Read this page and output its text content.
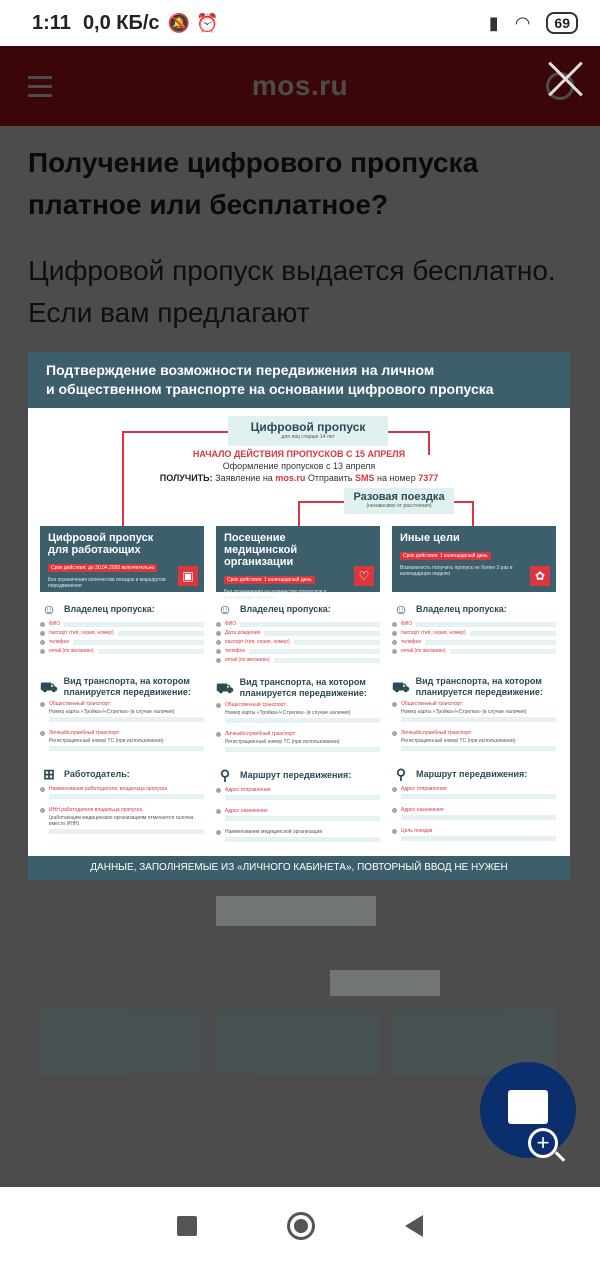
1:11 0,0 КБ/с 🔕 ⏰	▮ ◠	69

Подтверждение возможности передвижения на личном
и общественном транспорте на основании цифрового пропуска
Цифровой пропуск
для лиц старше 14 лет
НАЧАЛО ДЕЙСТВИЯ ПРОПУСКОВ С 15 АПРЕЛЯ
Оформление пропусков с 13 апреля
ПОЛУЧИТЬ: Заявление на mos.ru Отправить SMS на номер 7377
Разовая поездка
(независимо от расстояния)
Цифровой пропуск для работающих
Срок действия: до 30.04.2020 включительно
Без ограничения количества поездок и маршрутов передвижения
▣
☺ Владелец пропуска:
ФИО
паспорт (тип, серия, номер)
телефон
email (по желанию)
⛟ Вид транспорта, на котором планируется передвижение:
Общественный транспорт:
Номер карты «Тройка»/«Стрелка» (в случае наличия)
Личный/служебный транспорт:
Регистрационный номер ТС (при использовании)
⊞	Работодатель:
Наименование работодателя, владельца пропуска
ИНН работодателя владельца пропуска
(работающим медицинских организациям отмечается галочка вместо ИНН)
Посещение медицинской организации
Срок действия: 1 календарный день
Без ограничения на количество пропусков в календарную неделю
♡
☺ Владелец пропуска:
ФИО
Дата рождения
паспорт (тип, серия, номер)
телефон
email (по желанию)
⛟ Вид транспорта, на котором планируется передвижение:
Общественный транспорт:
Номер карты «Тройка»/«Стрелка» (в случае наличия)
Личный/служебный транспорт:
Регистрационный номер ТС (при использовании)
⚲	Маршрут передвижения:
Адрес отправления
Адрес назначения
Наименование медицинской организации
Иные цели
Срок действия: 1 календарный день
Возможность получить пропуск не более 2 раз в календарную неделю	✿
☺ Владелец пропуска:
ФИО
паспорт (тип, серия, номер)
телефон
email (по желанию)
⛟ Вид транспорта, на котором планируется передвижение:
Общественный транспорт:
Номер карты «Тройка»/«Стрелка» (в случае наличия)
Личный/служебный транспорт:
Регистрационный номер ТС (при использовании)
⚲	Маршрут передвижения:
Адрес отправления
Адрес назначения
Цель поездки
ДАННЫЕ, ЗАПОЛНЯЕМЫЕ ИЗ «ЛИЧНОГО КАБИНЕТА», ПОВТОРНЫЙ ВВОД НЕ НУЖЕН
+
